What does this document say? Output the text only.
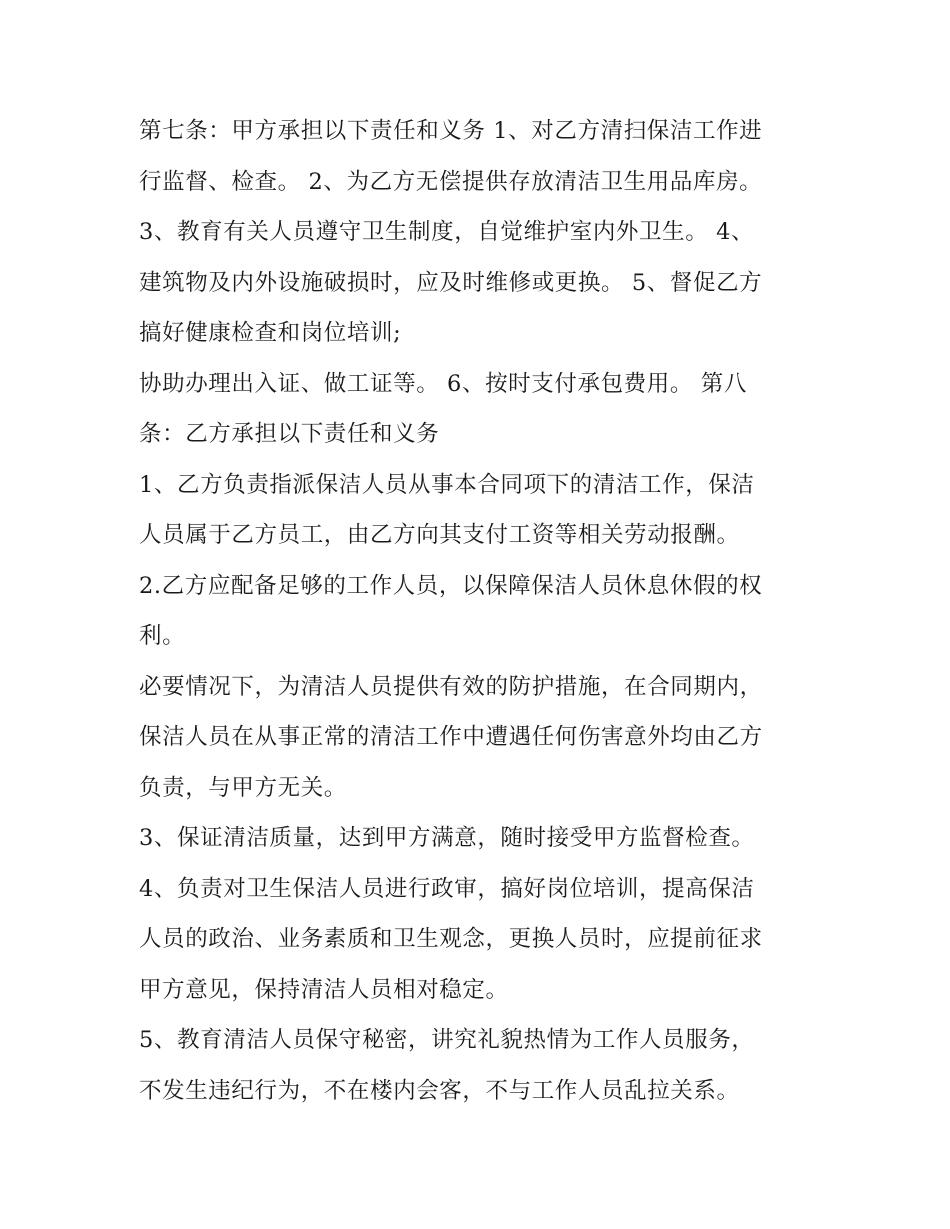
第七条：甲方承担以下责任和义务 1、对乙方清扫保洁工作进

行监督、检查。 2、为乙方无偿提供存放清洁卫生用品库房。

3、教育有关人员遵守卫生制度，自觉维护室内外卫生。 4、

建筑物及内外设施破损时，应及时维修或更换。 5、督促乙方

搞好健康检查和岗位培训;

协助办理出入证、做工证等。 6、按时支付承包费用。 第八

条：乙方承担以下责任和义务

1、乙方负责指派保洁人员从事本合同项下的清洁工作，保洁

人员属于乙方员工，由乙方向其支付工资等相关劳动报酬。

2.乙方应配备足够的工作人员，以保障保洁人员休息休假的权

利。

必要情况下，为清洁人员提供有效的防护措施，在合同期内，

保洁人员在从事正常的清洁工作中遭遇任何伤害意外均由乙方

负责，与甲方无关。

3、保证清洁质量，达到甲方满意，随时接受甲方监督检查。

4、负责对卫生保洁人员进行政审，搞好岗位培训，提高保洁

人员的政治、业务素质和卫生观念，更换人员时，应提前征求

甲方意见，保持清洁人员相对稳定。

5、教育清洁人员保守秘密，讲究礼貌热情为工作人员服务，

不发生违纪行为，不在楼内会客，不与工作人员乱拉关系。
